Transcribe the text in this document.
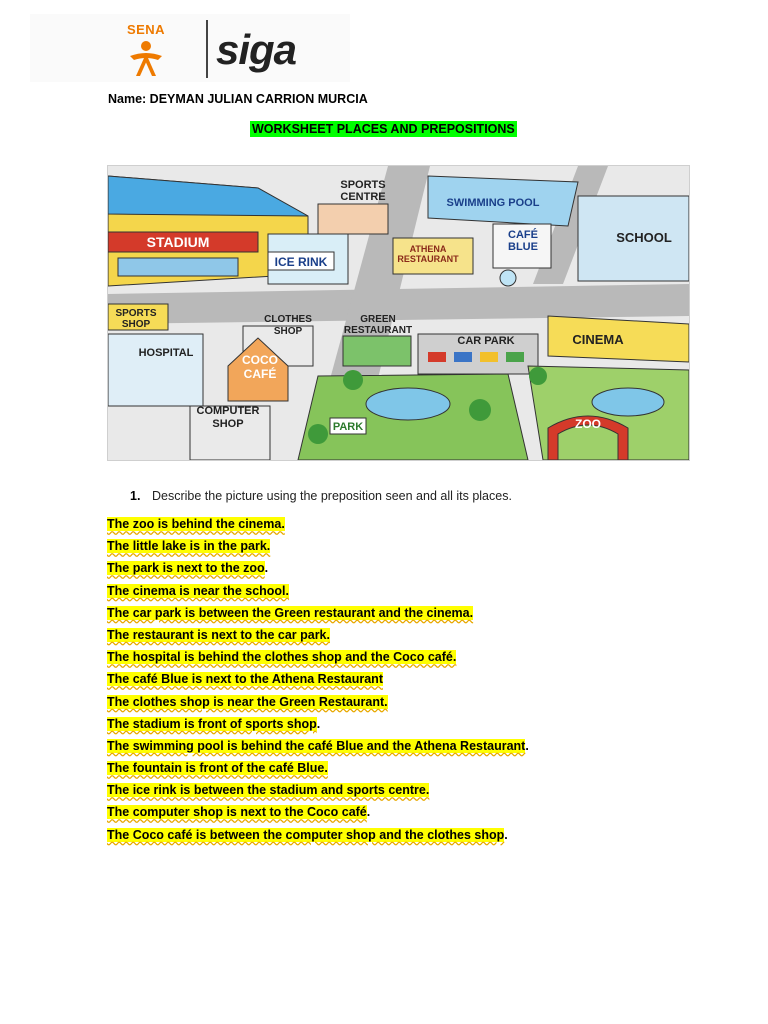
SENA siga
Name: DEYMAN JULIAN CARRION MURCIA
WORKSHEET PLACES AND PREPOSITIONS
STADIUM
SPORTS
CENTRE
ICE RINK
SWIMMING POOL
ATHENA
RESTAURANT
CAFÉ
BLUE
SCHOOL
SPORTS
SHOP
HOSPITAL
CLOTHES
SHOP
COCO
CAFÉ
GREEN
RESTAURANT
CAR PARK	CINEMA
COMPUTER
SHOP	PARK	ZOO
1. Describe the picture using the preposition seen and all its places.
The zoo is behind the cinema.
The little lake is in the park.
The park is next to the zoo.
The cinema is near the school.
The car park is between the Green restaurant and the cinema.
The restaurant is next to the car park.
The hospital is behind the clothes shop and the Coco café.
The café Blue is next to the Athena Restaurant
The clothes shop is near the Green Restaurant.
The stadium is front of sports shop.
The swimming pool is behind the café Blue and the Athena Restaurant.
The fountain is front of the café Blue.
The ice rink is between the stadium and sports centre.
The computer shop is next to the Coco café.
The Coco café is between the computer shop and the clothes shop.
